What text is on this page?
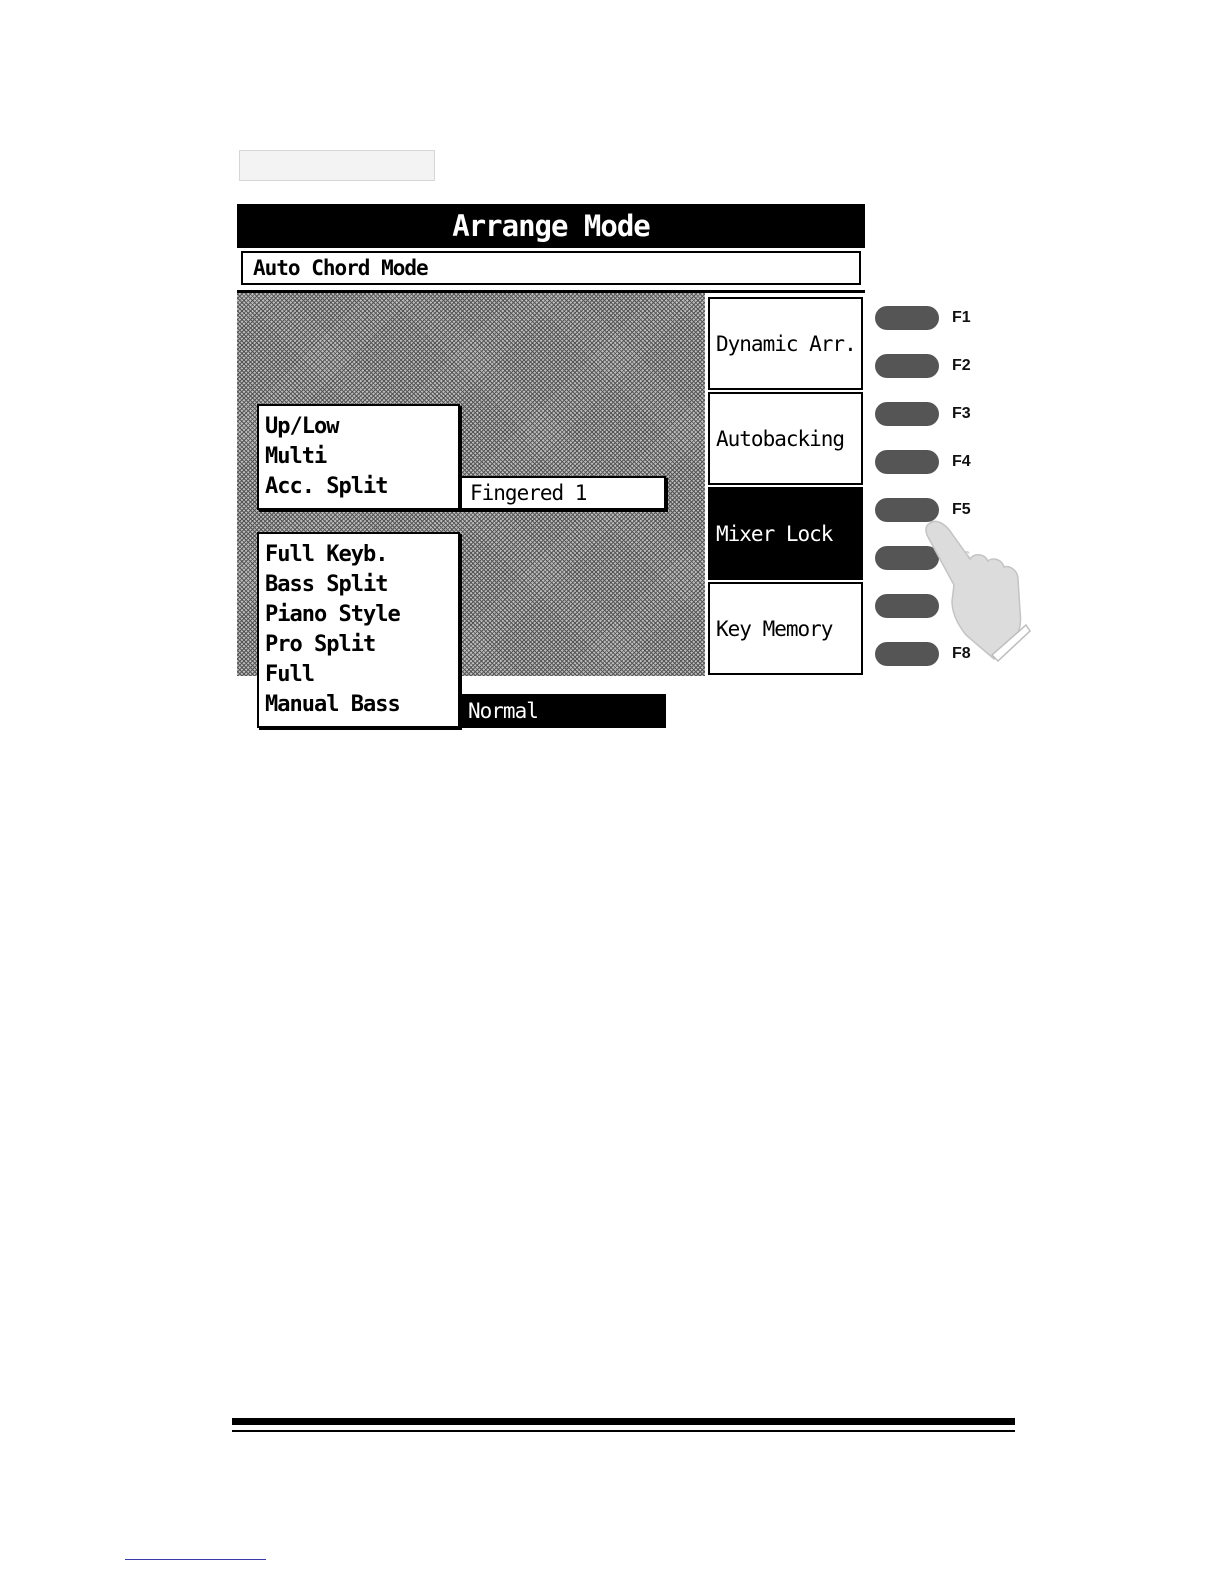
Arrange Mode
Auto Chord Mode
Up/Low
Multi
Acc. Split	Fingered 1
Full Keyb.
Bass Split
Piano Style
Pro Split
Full
Manual Bass	Normal
Dynamic Arr.
Autobacking
Mixer Lock
Key Memory
F1
F2
F3
F4
F5
F8
